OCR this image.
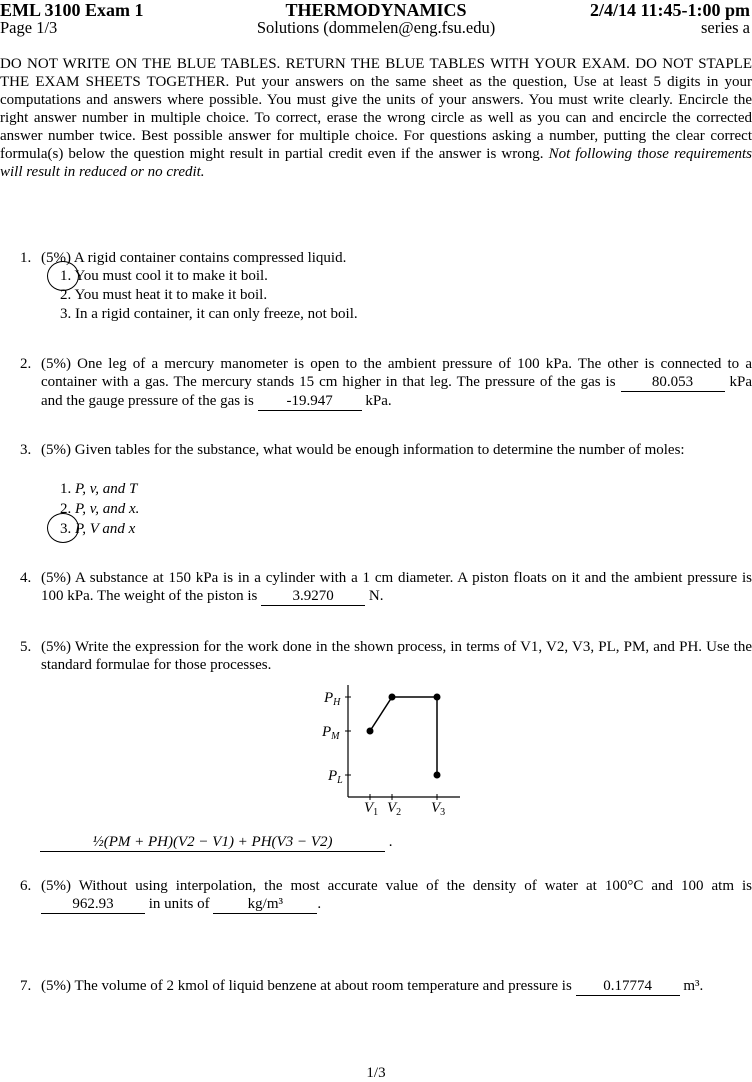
EML 3100 Exam 1	THERMODYNAMICS	2/4/14 11:45-1:00 pm
Page 1/3	Solutions (dommelen@eng.fsu.edu)	series a
DO NOT WRITE ON THE BLUE TABLES. RETURN THE BLUE TABLES WITH YOUR EXAM. DO NOT STAPLE THE EXAM SHEETS TOGETHER. Put your answers on the same sheet as the question, Use at least 5 digits in your computations and answers where possible. You must give the units of your answers. You must write clearly. Encircle the right answer number in multiple choice. To correct, erase the wrong circle as well as you can and encircle the corrected answer number twice. Best possible answer for multiple choice. For questions asking a number, putting the clear correct formula(s) below the question might result in partial credit even if the answer is wrong. Not following those requirements will result in reduced or no credit.
1. (5%) A rigid container contains compressed liquid.
1. You must cool it to make it boil.
2. You must heat it to make it boil.
3. In a rigid container, it can only freeze, not boil.
2. (5%) One leg of a mercury manometer is open to the ambient pressure of 100 kPa. The other is connected to a container with a gas. The mercury stands 15 cm higher in that leg. The pressure of the gas is 80.053 kPa and the gauge pressure of the gas is -19.947 kPa.
3. (5%) Given tables for the substance, what would be enough information to determine the number of moles:
1. P, v, and T
2. P, v, and x.
3. P, V and x
4. (5%) A substance at 150 kPa is in a cylinder with a 1 cm diameter. A piston floats on it and the ambient pressure is 100 kPa. The weight of the piston is 3.9270 N.
5. (5%) Write the expression for the work done in the shown process, in terms of V1, V2, V3, PL, PM, and PH. Use the standard formulae for those processes.
$P_H$
$P_M$
$P_L$
$V_1$ $V_2$ $V_3$
½(PM + PH)(V2 − V1) + PH(V3 − V2)	.
6. (5%) Without using interpolation, the most accurate value of the density of water at 100°C and 100 atm is 962.93 in units of	kg/m³ .
7. (5%) The volume of 2 kmol of liquid benzene at about room temperature and pressure is 0.17774 m³.
1/3
